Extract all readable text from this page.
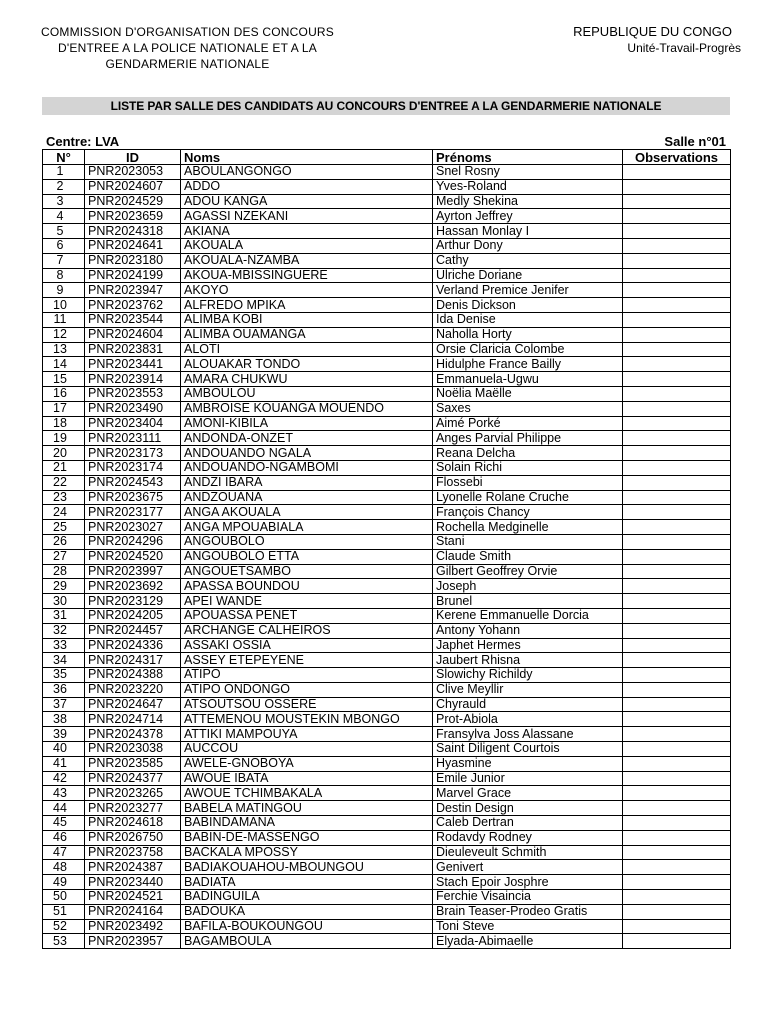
COMMISSION D'ORGANISATION DES CONCOURS
D'ENTREE A LA POLICE NATIONALE ET A LA
GENDARMERIE NATIONALE
REPUBLIQUE DU CONGO
Unité-Travail-Progrès
LISTE PAR SALLE DES CANDIDATS AU CONCOURS D'ENTREE A LA GENDARMERIE NATIONALE
Centre: LVA	Salle n°01
N°	ID	Noms	Prénoms	Observations
1	PNR2023053	ABOULANGONGO	Snel Rosny	
2	PNR2024607	ADDO	Yves-Roland	
3	PNR2024529	ADOU KANGA	Medly Shekina	
4	PNR2023659	AGASSI NZEKANI	Ayrton Jeffrey	
5	PNR2024318	AKIANA	Hassan Monlay I	
6	PNR2024641	AKOUALA	Arthur Dony	
7	PNR2023180	AKOUALA-NZAMBA	Cathy	
8	PNR2024199	AKOUA-MBISSINGUERE	Ulriche Doriane	
9	PNR2023947	AKOYO	Verland Premice Jenifer	
10	PNR2023762	ALFREDO MPIKA	Denis Dickson	
11	PNR2023544	ALIMBA KOBI	Ida Denise	
12	PNR2024604	ALIMBA OUAMANGA	Naholla Horty	
13	PNR2023831	ALOTI	Orsie Claricia Colombe	
14	PNR2023441	ALOUAKAR TONDO	Hidulphe France Bailly	
15	PNR2023914	AMARA CHUKWU	Emmanuela-Ugwu	
16	PNR2023553	AMBOULOU	Noëlia Maëlle	
17	PNR2023490	AMBROISE KOUANGA MOUENDO	Saxes	
18	PNR2023404	AMONI-KIBILA	Aimé Porké	
19	PNR2023111	ANDONDA-ONZET	Anges Parvial Philippe	
20	PNR2023173	ANDOUANDO NGALA	Reana Delcha	
21	PNR2023174	ANDOUANDO-NGAMBOMI	Solain Richi	
22	PNR2024543	ANDZI IBARA	Flossebi	
23	PNR2023675	ANDZOUANA	Lyonelle Rolane Cruche	
24	PNR2023177	ANGA AKOUALA	François Chancy	
25	PNR2023027	ANGA MPOUABIALA	Rochella Medginelle	
26	PNR2024296	ANGOUBOLO	Stani	
27	PNR2024520	ANGOUBOLO ETTA	Claude Smith	
28	PNR2023997	ANGOUETSAMBO	Gilbert Geoffrey Orvie	
29	PNR2023692	APASSA BOUNDOU	Joseph	
30	PNR2023129	APEI WANDE	Brunel	
31	PNR2024205	APOUASSA PENET	Kerene Emmanuelle Dorcia	
32	PNR2024457	ARCHANGE CALHEIROS	Antony Yohann	
33	PNR2024336	ASSAKI OSSIA	Japhet Hermes	
34	PNR2024317	ASSEY ETEPEYENE	Jaubert Rhisna	
35	PNR2024388	ATIPO	Slowichy Richildy	
36	PNR2023220	ATIPO ONDONGO	Clive Meyllir	
37	PNR2024647	ATSOUTSOU OSSERE	Chyrauld	
38	PNR2024714	ATTEMENOU MOUSTEKIN MBONGO	Prot-Abiola	
39	PNR2024378	ATTIKI MAMPOUYA	Fransylva Joss Alassane	
40	PNR2023038	AUCCOU	Saint Diligent Courtois	
41	PNR2023585	AWELE-GNOBOYA	Hyasmine	
42	PNR2024377	AWOUE IBATA	Emile Junior	
43	PNR2023265	AWOUE TCHIMBAKALA	Marvel Grace	
44	PNR2023277	BABELA MATINGOU	Destin Design	
45	PNR2024618	BABINDAMANA	Caleb Dertran	
46	PNR2026750	BABIN-DE-MASSENGO	Rodavdy Rodney	
47	PNR2023758	BACKALA MPOSSY	Dieuleveult Schmith	
48	PNR2024387	BADIAKOUAHOU-MBOUNGOU	Genivert	
49	PNR2023440	BADIATA	Stach Epoir Josphre	
50	PNR2024521	BADINGUILA	Ferchie Visaincia	
51	PNR2024164	BADOUKA	Brain Teaser-Prodeo Gratis	
52	PNR2023492	BAFILA-BOUKOUNGOU	Toni Steve	
53	PNR2023957	BAGAMBOULA	Elyada-Abimaelle	
